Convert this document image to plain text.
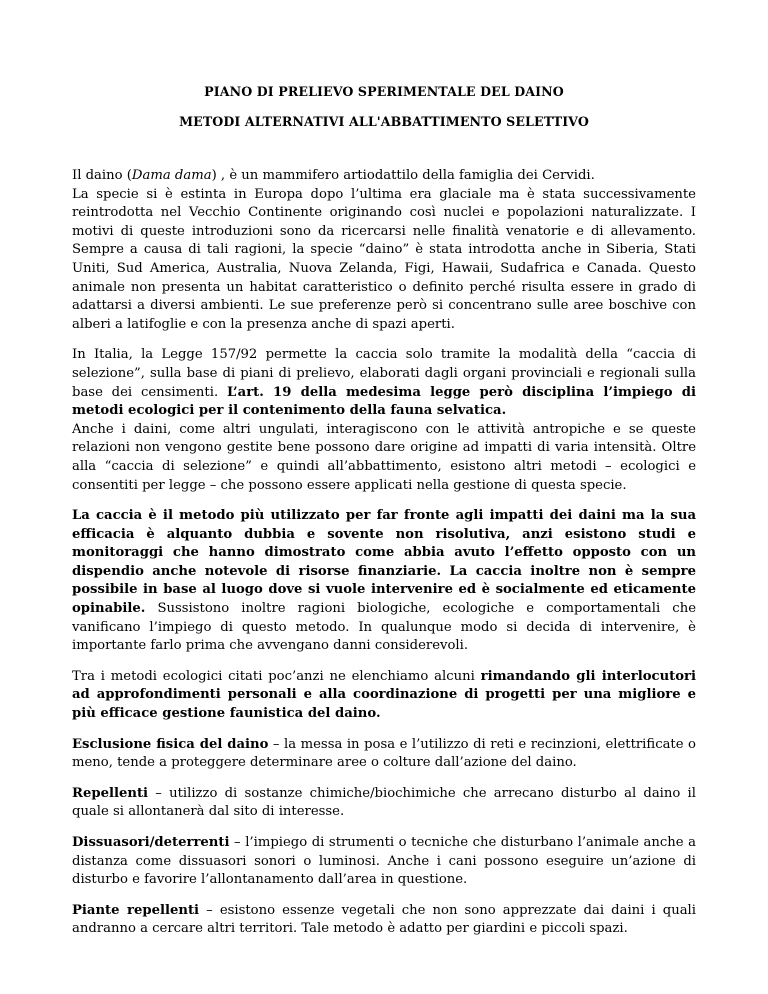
PIANO DI PRELIEVO SPERIMENTALE DEL DAINO
METODI ALTERNATIVI ALL'ABBATTIMENTO SELETTIVO

Il daino (Dama dama) , è un mammifero artiodattilo della famiglia dei Cervidi.
La specie si è estinta in Europa dopo l’ultima era glaciale ma è stata successivamente reintrodotta nel Vecchio Continente originando così nuclei e popolazioni naturalizzate. I motivi di queste introduzioni sono da ricercarsi nelle finalità venatorie e di allevamento. Sempre a causa di tali ragioni, la specie “daino” è stata introdotta anche in Siberia, Stati Uniti, Sud America, Australia, Nuova Zelanda, Figi, Hawaii, Sudafrica e Canada. Questo animale non presenta un habitat caratteristico o definito perché risulta essere in grado di adattarsi a diversi ambienti. Le sue preferenze però si concentrano sulle aree boschive con alberi a latifoglie e con la presenza anche di spazi aperti.

In Italia, la Legge 157/92 permette la caccia solo tramite la modalità della “caccia di selezione”, sulla base di piani di prelievo, elaborati dagli organi provinciali e regionali sulla base dei censimenti. L’art. 19 della medesima legge però disciplina l’impiego di metodi ecologici per il contenimento della fauna selvatica.

Anche i daini, come altri ungulati, interagiscono con le attività antropiche e se queste relazioni non vengono gestite bene possono dare origine ad impatti di varia intensità. Oltre alla “caccia di selezione” e quindi all’abbattimento, esistono altri metodi – ecologici e consentiti per legge – che possono essere applicati nella gestione di questa specie.

La caccia è il metodo più utilizzato per far fronte agli impatti dei daini ma la sua efficacia è alquanto dubbia e sovente non risolutiva, anzi esistono studi e monitoraggi che hanno dimostrato come abbia avuto l’effetto opposto con un dispendio anche notevole di risorse finanziarie. La caccia inoltre non è sempre possibile in base al luogo dove si vuole intervenire ed è socialmente ed eticamente opinabile. Sussistono inoltre ragioni biologiche, ecologiche e comportamentali che vanificano l’impiego di questo metodo. In qualunque modo si decida di intervenire, è importante farlo prima che avvengano danni considerevoli.

Tra i metodi ecologici citati poc’anzi ne elenchiamo alcuni rimandando gli interlocutori ad approfondimenti personali e alla coordinazione di progetti per una migliore e più efficace gestione faunistica del daino.

Esclusione fisica del daino – la messa in posa e l’utilizzo di reti e recinzioni, elettrificate o meno, tende a proteggere determinare aree o colture dall’azione del daino.

Repellenti – utilizzo di sostanze chimiche/biochimiche che arrecano disturbo al daino il quale si allontanerà dal sito di interesse.

Dissuasori/deterrenti – l’impiego di strumenti o tecniche che disturbano l’animale anche a distanza come dissuasori sonori o luminosi. Anche i cani possono eseguire un’azione di disturbo e favorire l’allontanamento dall’area in questione.

Piante repellenti – esistono essenze vegetali che non sono apprezzate dai daini i quali andranno a cercare altri territori. Tale metodo è adatto per giardini e piccoli spazi.
